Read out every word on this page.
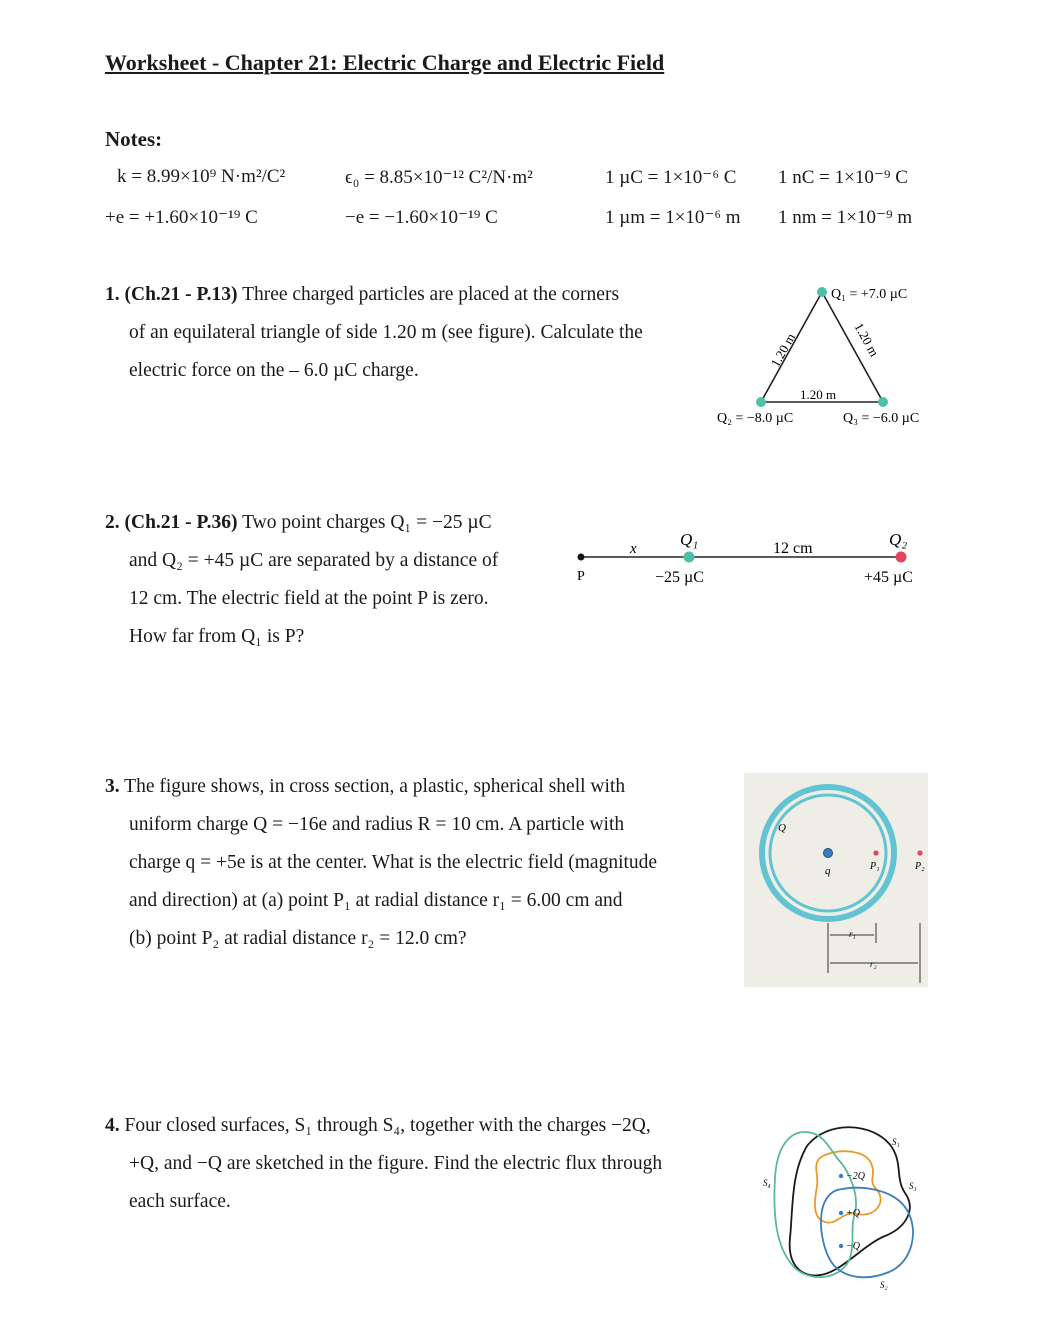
Worksheet - Chapter 21: Electric Charge and Electric Field
Notes:
k = 8.99×10⁹ N·m²/C²	ϵ₀ = 8.85×10⁻¹² C²/N·m²	1 µC = 1×10⁻⁶ C 1 nC = 1×10⁻⁹ C
+e = +1.60×10⁻¹⁹ C	−e = −1.60×10⁻¹⁹ C	1 µm = 1×10⁻⁶ m 1 nm = 1×10⁻⁹ m
1. (Ch.21 - P.13) Three charged particles are placed at the corners
of an equilateral triangle of side 1.20 m (see figure). Calculate the
electric force on the – 6.0 µC charge.
Q₁ = +7.0 µC
Q₂ = −8.0 µC	Q₃ = −6.0 µC
1.20 m	1.20 m
1.20 m
2. (Ch.21 - P.36) Two point charges Q₁ = −25 µC
and Q₂ = +45 µC are separated by a distance of
12 cm. The electric field at the point P is zero.
How far from Q₁ is P?
P
x	Q₁
−25 µC
12 cm	Q₂
+45 µC
3. The figure shows, in cross section, a plastic, spherical shell with
uniform charge Q = −16e and radius R = 10 cm. A particle with
charge q = +5e is at the center. What is the electric field (magnitude
and direction) at (a) point P₁ at radial distance r₁ = 6.00 cm and
(b) point P₂ at radial distance r₂ = 12.0 cm?
Q
q	P₁	P₂
r₁
r₂
4. Four closed surfaces, S₁ through S₄, together with the charges −2Q,
+Q, and −Q are sketched in the figure. Find the electric flux through
each surface.
−2Q
+Q
−Q
S₁
S₂
S₃
S₄
